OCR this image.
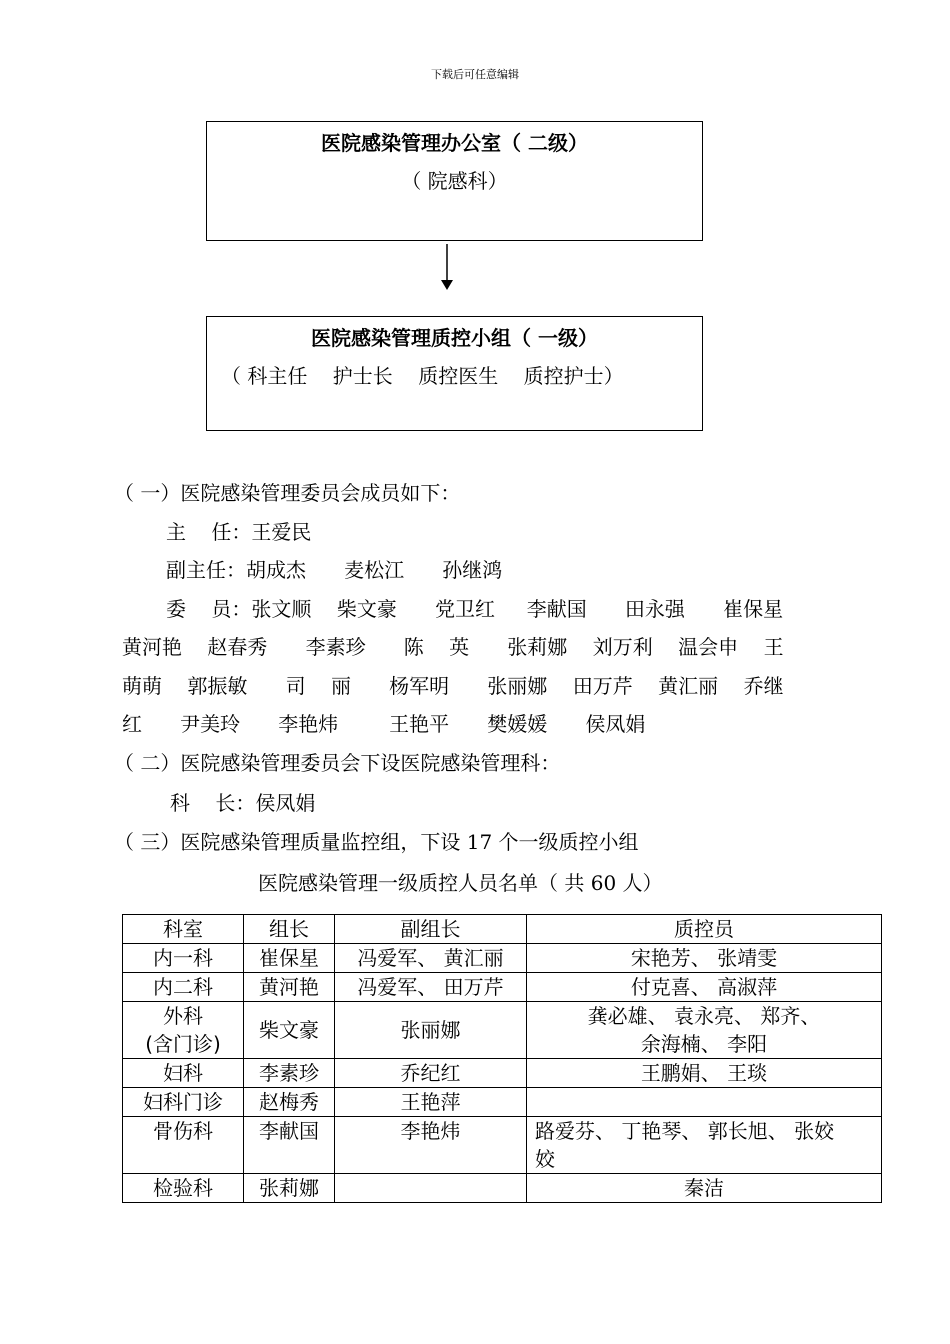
下载后可任意编辑
医院感染管理办公室（ 二级）
（ 院感科）
医院感染管理质控小组（ 一级）
（ 科主任    护士长    质控医生    质控护士）
（ 一）医院感染管理委员会成员如下：
主    任：王爱民
副主任：胡成杰      麦松江      孙继鸿
委    员：张文顺    柴文豪      党卫红     李献国      田永强      崔保星
黄河艳    赵春秀      李素珍      陈    英      张莉娜    刘万利    温会申    王
萌萌    郭振敏      司    丽      杨军明      张丽娜    田万芹    黄汇丽    乔继
红      尹美玲      李艳炜        王艳平      樊媛媛      侯凤娟
（ 二）医院感染管理委员会下设医院感染管理科：
科    长：侯凤娟
（ 三）医院感染管理质量监控组，下设 17 个一级质控小组
医院感染管理一级质控人员名单（ 共 60 人）
科室	组长	副组长	质控员
内一科	崔保星	冯爱军、 黄汇丽	宋艳芳、 张靖雯
内二科	黄河艳	冯爱军、 田万芹	付克喜、 高淑萍
外科
(含门诊)	柴文豪	张丽娜	龚必雄、 袁永亮、 郑齐、
余海楠、 李阳
妇科	李素珍	乔纪红	王鹏娟、 王琰
妇科门诊	赵梅秀	王艳萍	
骨伤科	李献国	李艳炜	路爱芬、 丁艳琴、 郭长旭、 张姣
姣
检验科	张莉娜		秦洁
